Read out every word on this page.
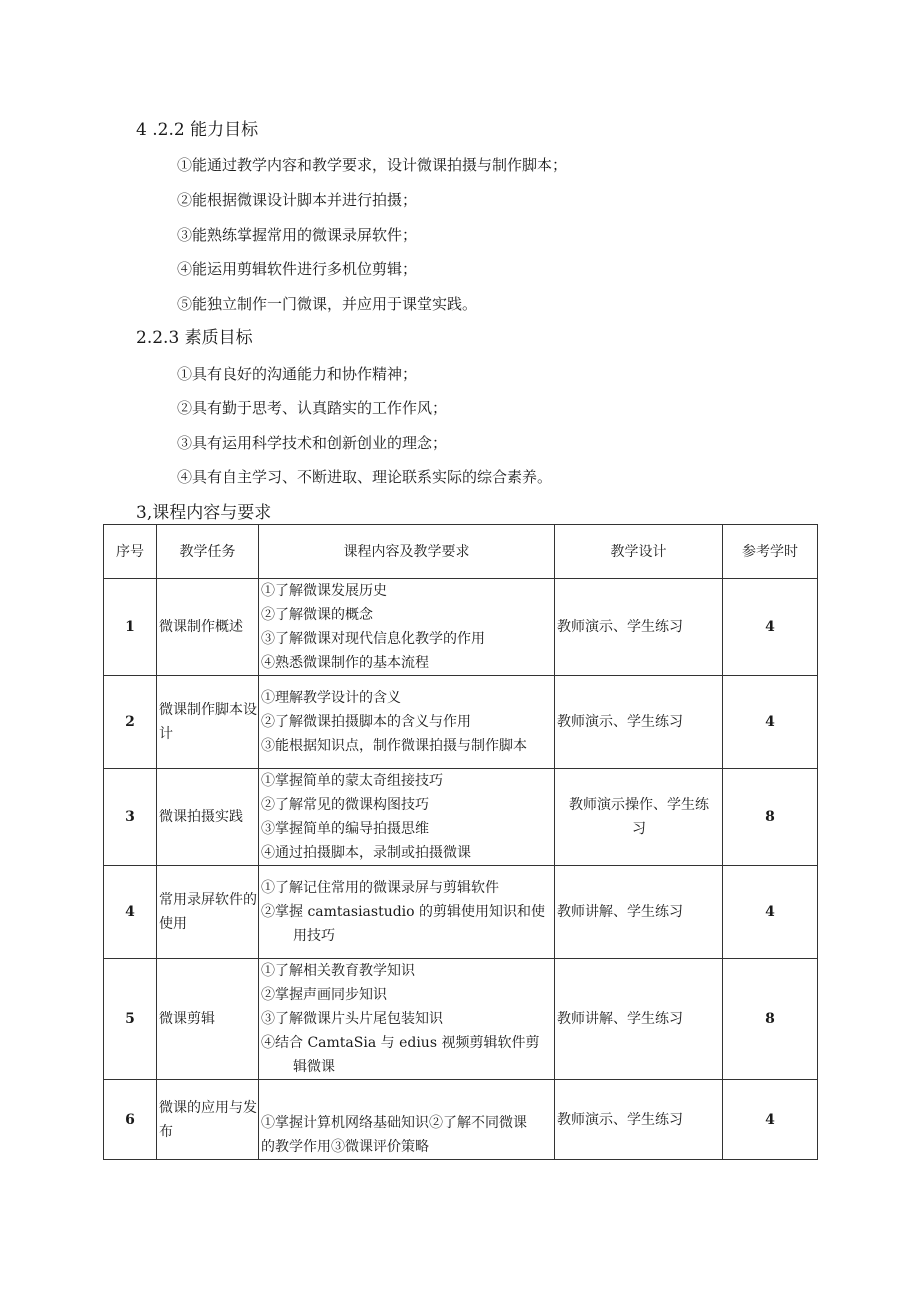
4 .2.2 能力目标
①能通过教学内容和教学要求，设计微课拍摄与制作脚本；
②能根据微课设计脚本并进行拍摄；
③能熟练掌握常用的微课录屏软件；
④能运用剪辑软件进行多机位剪辑；
⑤能独立制作一门微课，并应用于课堂实践。
2.2.3 素质目标
①具有良好的沟通能力和协作精神；
②具有勤于思考、认真踏实的工作作风；
③具有运用科学技术和创新创业的理念；
④具有自主学习、不断进取、理论联系实际的综合素养。
3,课程内容与要求
序号	教学任务	课程内容及教学要求	教学设计	参考学时
1	微课制作概述	①了解微课发展历史
②了解微课的概念
③了解微课对现代信息化教学的作用
④熟悉微课制作的基本流程	教师演示、学生练习	4
2	微课制作脚本设计	①理解教学设计的含义
②了解微课拍摄脚本的含义与作用
③能根据知识点，制作微课拍摄与制作脚本	教师演示、学生练习	4
3	微课拍摄实践	①掌握简单的蒙太奇组接技巧
②了解常见的微课构图技巧
③掌握简单的编导拍摄思维
④通过拍摄脚本，录制或拍摄微课	教师演示操作、学生练习	8
4	常用录屏软件的使用	①了解记住常用的微课录屏与剪辑软件
②掌握 camtasiastudio 的剪辑使用知识和使
用技巧	教师讲解、学生练习	4
5	微课剪辑	①了解相关教育教学知识
②掌握声画同步知识
③了解微课片头片尾包装知识
④结合 CamtaSia 与 edius 视频剪辑软件剪
辑微课	教师讲解、学生练习	8
6	微课的应用与发布	①掌握计算机网络基础知识②了解不同微课
的教学作用③微课评价策略	教师演示、学生练习	4
